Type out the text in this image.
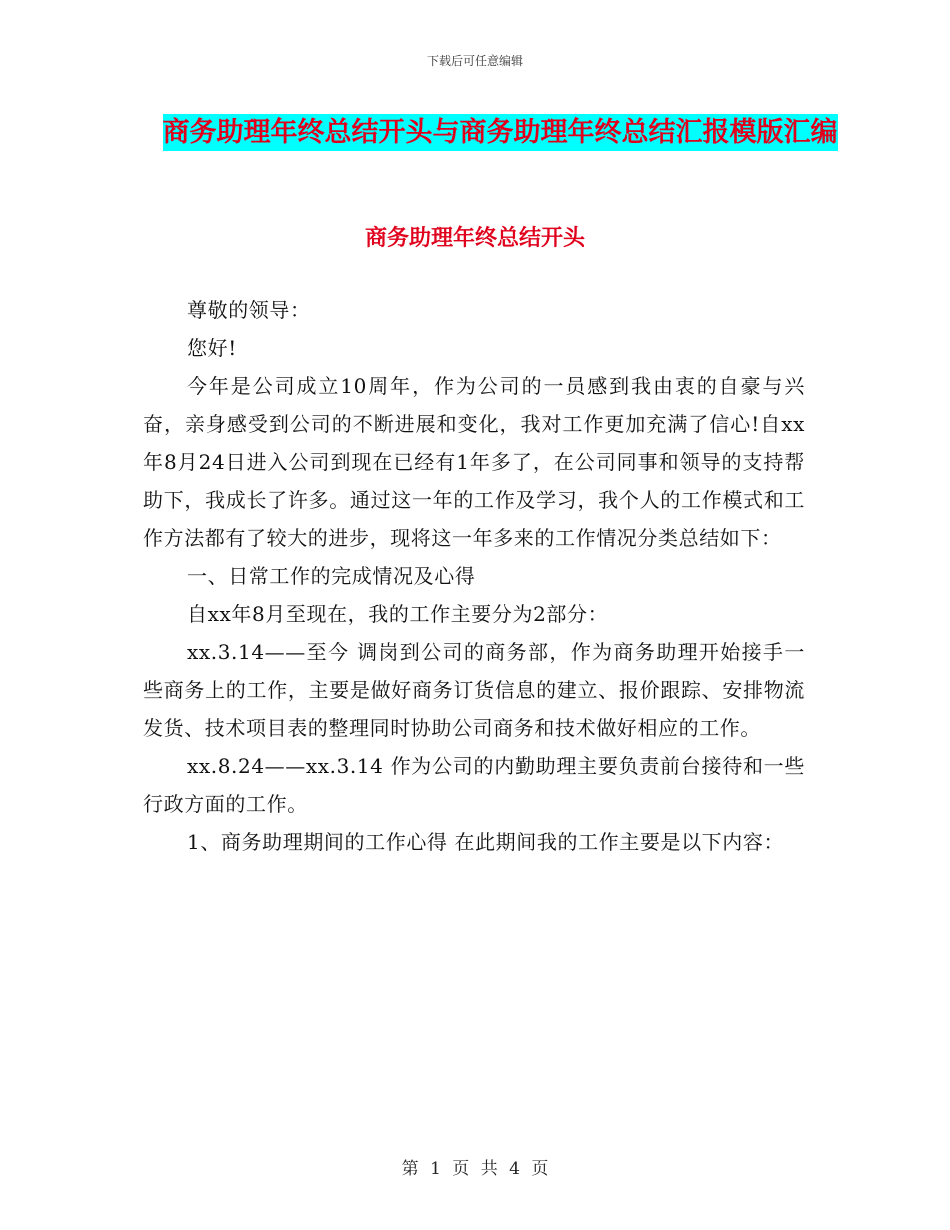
下载后可任意编辑
商务助理年终总结开头与商务助理年终总结汇报模版汇编
商务助理年终总结开头

尊敬的领导：

您好!

今年是公司成立10周年，作为公司的一员感到我由衷的自豪与兴奋，亲身感受到公司的不断进展和变化，我对工作更加充满了信心!自xx年8月24日进入公司到现在已经有1年多了，在公司同事和领导的支持帮助下，我成长了许多。通过这一年的工作及学习，我个人的工作模式和工作方法都有了较大的进步，现将这一年多来的工作情况分类总结如下：

一、日常工作的完成情况及心得

自xx年8月至现在，我的工作主要分为2部分：

xx.3.14——至今 调岗到公司的商务部，作为商务助理开始接手一些商务上的工作，主要是做好商务订货信息的建立、报价跟踪、安排物流发货、技术项目表的整理同时协助公司商务和技术做好相应的工作。

xx.8.24——xx.3.14 作为公司的内勤助理主要负责前台接待和一些行政方面的工作。

1、商务助理期间的工作心得 在此期间我的工作主要是以下内容：

第 1 页 共 4 页
